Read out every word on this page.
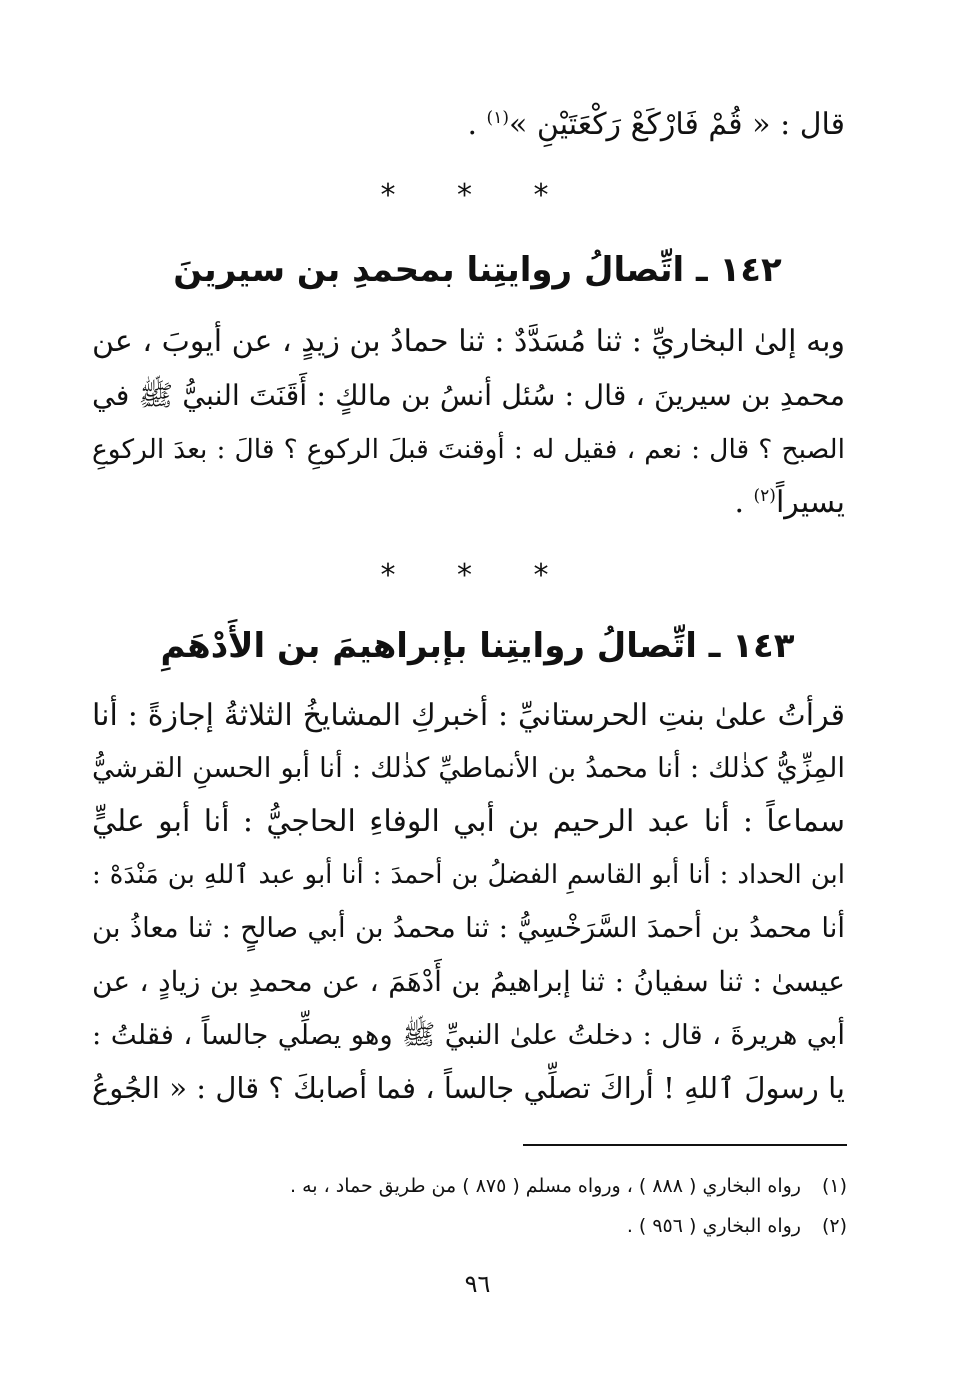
قال : « قُمْ فَارْكَعْ رَكْعَتَيْنِ »$^{(١)}$ .
* * *
١٤٢ ـ اتِّصالُ روايتِنا بمحمدِ بن سيرينَ
وبه إلىٰ البخاريِّ : ثنا مُسَدَّدٌ : ثنا حمادُ بن زيدٍ ، عن أيوبَ ، عن
محمدِ بن سيرينَ ، قال : سُئل أنسُ بن مالكٍ : أَقَنَتَ النبيُّ ﷺ في
الصبح ؟ قال : نعم ، فقيل له : أوقنتَ قبلَ الركوعِ ؟ قالَ : بعدَ الركوعِ
يسيراً$^{(٢)}$ .
* * *
١٤٣ ـ اتِّصالُ روايتِنا بإبراهيمَ بن الأَدْهَمِ
قرأتُ علىٰ بنتِ الحرستانيِّ : أخبركِ المشايخُ الثلاثةُ إجازةً : أنا
المِزِّيُّ كذٰلك : أنا محمدُ بن الأنماطيِّ كذٰلك : أنا أبو الحسنِ القرشيُّ
سماعاً : أنا عبد الرحيم بن أبي الوفاءِ الحاجيُّ : أنا أبو عليٍّ
ابن الحداد : أنا أبو القاسمِ الفضلُ بن أحمدَ : أنا أبو عبد ٱللهِ بن مَنْدَهْ :
أنا محمدُ بن أحمدَ السَّرَخْسِيُّ : ثنا محمدُ بن أبي صالحٍ : ثنا معاذُ بن
عيسىٰ : ثنا سفيانُ : ثنا إبراهيمُ بن أَدْهَمَ ، عن محمدِ بن زيادٍ ، عن
أبي هريرةَ ، قال : دخلتُ علىٰ النبيِّ ﷺ وهو يصلِّي جالساً ، فقلتُ :
يا رسولَ ٱللهِ ! أراكَ تصلِّي جالساً ، فما أصابكَ ؟ قال : « الجُوعُ
(١)رواه البخاري ( ٨٨٨ ) ، ورواه مسلم ( ٨٧٥ ) من طريق حماد ، به .
(٢)رواه البخاري ( ٩٥٦ ) .
٩٦
